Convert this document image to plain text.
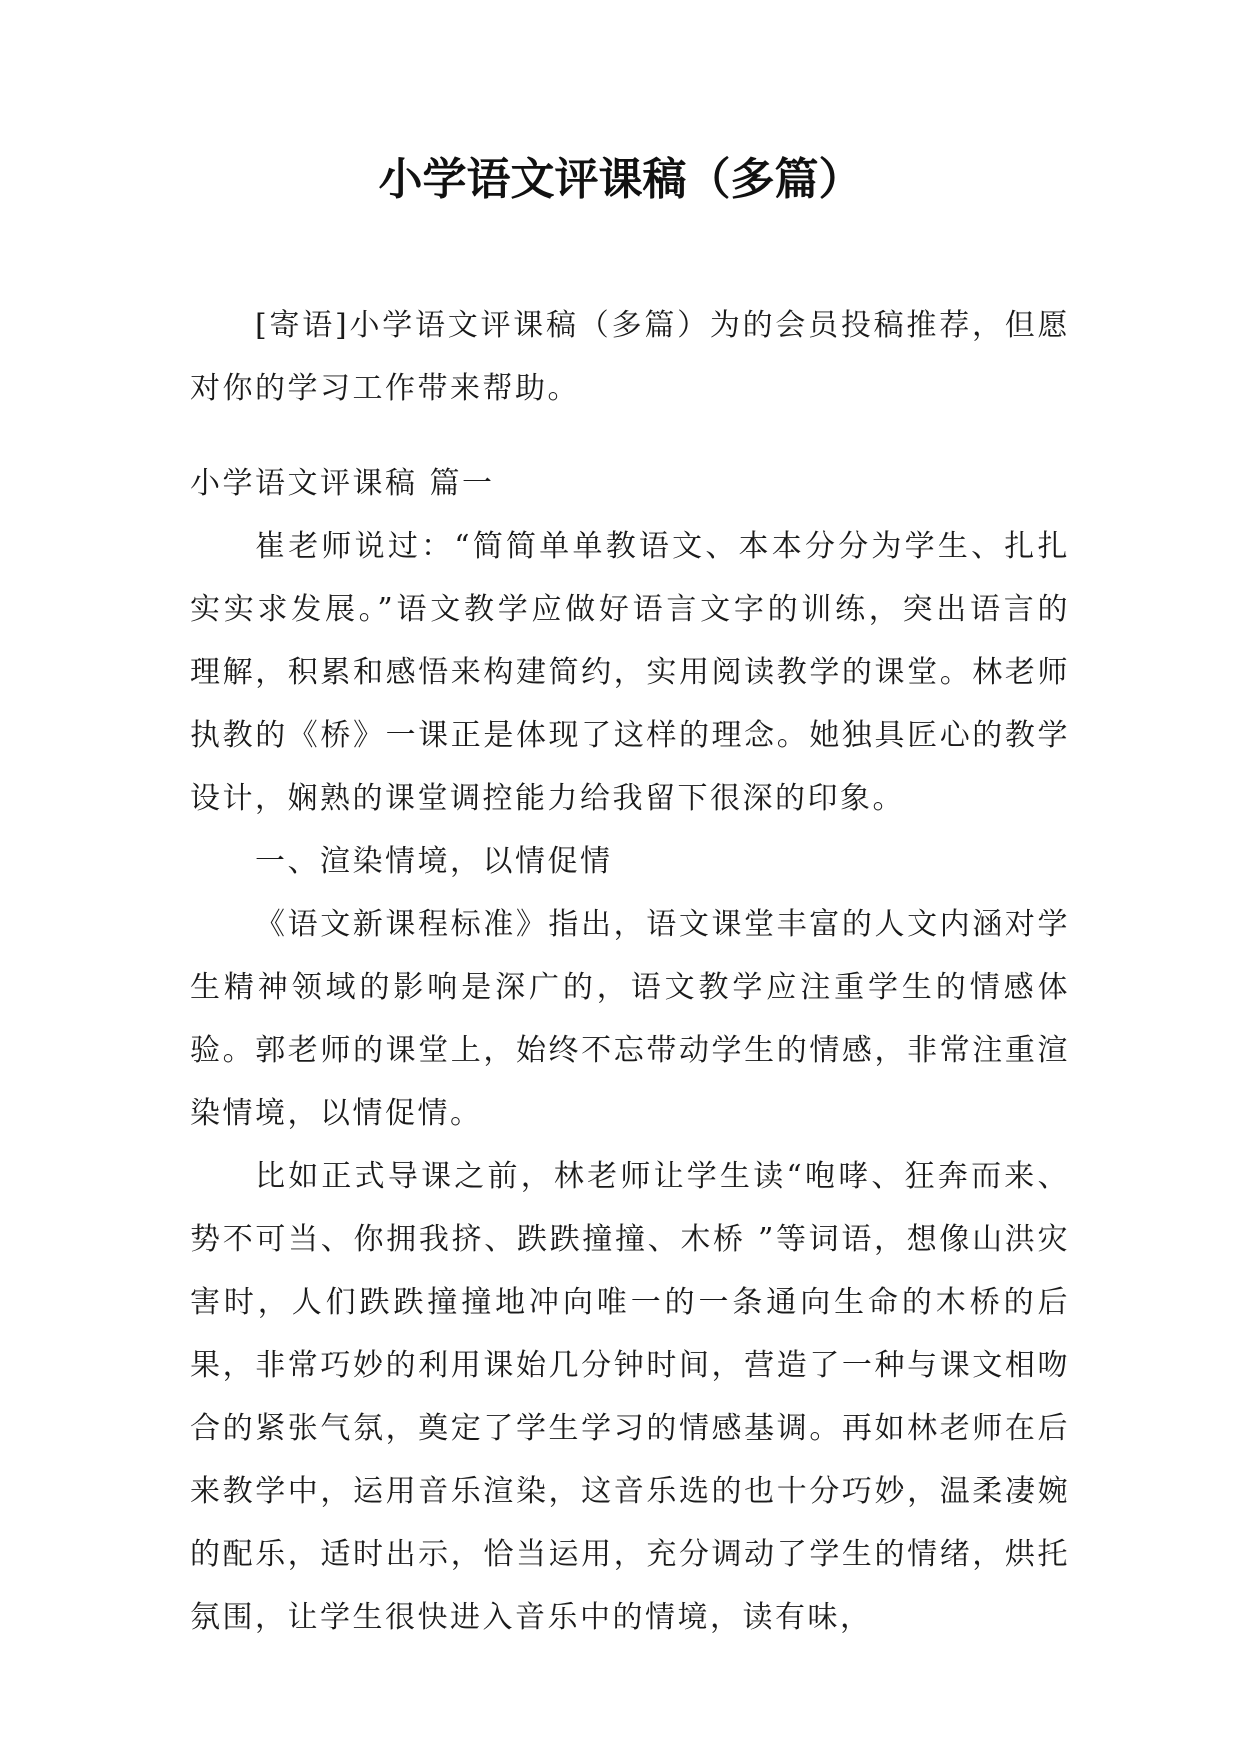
小学语文评课稿（多篇）

[寄语]小学语文评课稿（多篇）为的会员投稿推荐，但愿对你的学习工作带来帮助。

小学语文评课稿 篇一

崔老师说过：“简简单单教语文、本本分分为学生、扎扎实实求发展。”语文教学应做好语言文字的训练，突出语言的理解，积累和感悟来构建简约，实用阅读教学的课堂。林老师执教的《桥》一课正是体现了这样的理念。她独具匠心的教学设计，娴熟的课堂调控能力给我留下很深的印象。

一、渲染情境，以情促情

《语文新课程标准》指出，语文课堂丰富的人文内涵对学生精神领域的影响是深广的，语文教学应注重学生的情感体验。郭老师的课堂上，始终不忘带动学生的情感，非常注重渲染情境，以情促情。

比如正式导课之前，林老师让学生读“咆哮、狂奔而来、势不可当、你拥我挤、跌跌撞撞、木桥 ”等词语，想像山洪灾害时，人们跌跌撞撞地冲向唯一的一条通向生命的木桥的后果，非常巧妙的利用课始几分钟时间，营造了一种与课文相吻合的紧张气氛，奠定了学生学习的情感基调。再如林老师在后来教学中，运用音乐渲染，这音乐选的也十分巧妙，温柔凄婉的配乐，适时出示，恰当运用，充分调动了学生的情绪，烘托氛围，让学生很快进入音乐中的情境，读有味，
